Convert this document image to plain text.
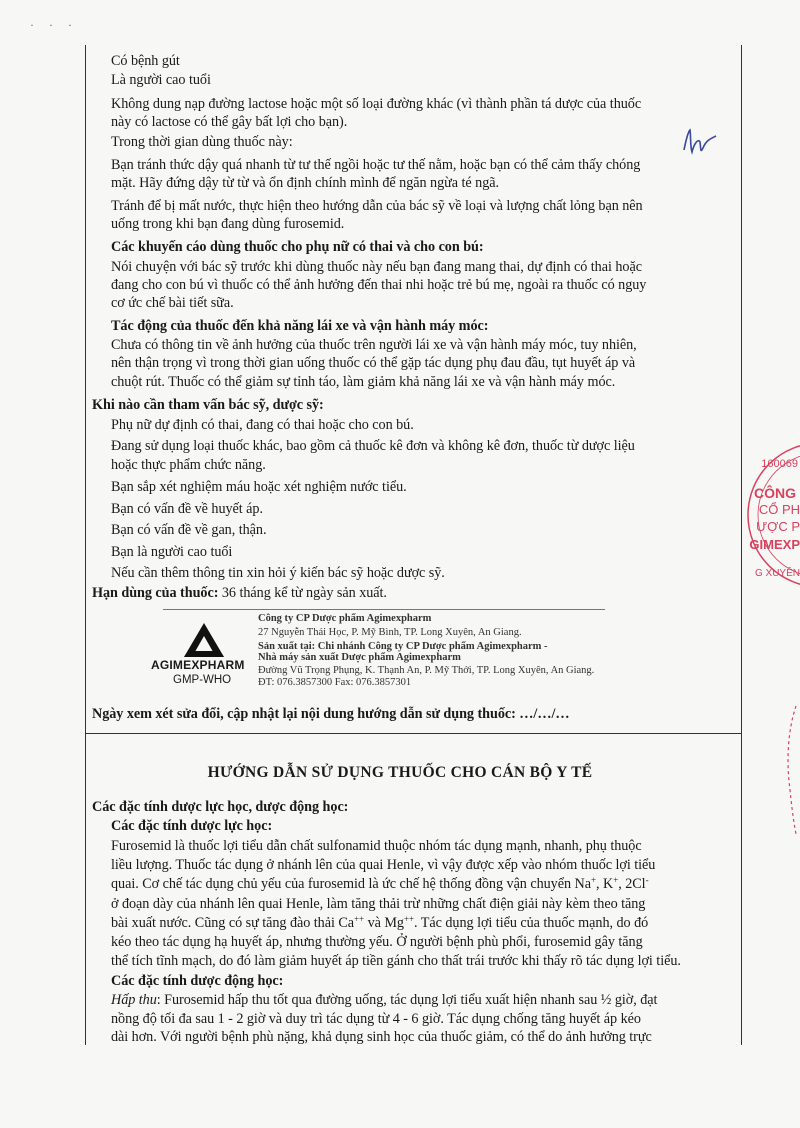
· · ·
Có bệnh gút
Là người cao tuổi
Không dung nạp đường lactose hoặc một số loại đường khác (vì thành phần tá dược của thuốc
này có lactose có thể gây bất lợi cho bạn).
Trong thời gian dùng thuốc này:
Bạn tránh thức dậy quá nhanh từ tư thế ngồi hoặc tư thế nằm, hoặc bạn có thể cảm thấy chóng
mặt. Hãy đứng dậy từ từ và ổn định chính mình để ngăn ngừa té ngã.
Tránh để bị mất nước, thực hiện theo hướng dẫn của bác sỹ về loại và lượng chất lỏng bạn nên
uống trong khi bạn đang dùng furosemid.
Các khuyến cáo dùng thuốc cho phụ nữ có thai và cho con bú:
Nói chuyện với bác sỹ trước khi dùng thuốc này nếu bạn đang mang thai, dự định có thai hoặc
đang cho con bú vì thuốc có thể ảnh hưởng đến thai nhi hoặc trẻ bú mẹ, ngoài ra thuốc có nguy
cơ ức chế bài tiết sữa.
Tác động của thuốc đến khả năng lái xe và vận hành máy móc:
Chưa có thông tin về ảnh hưởng của thuốc trên người lái xe và vận hành máy móc, tuy nhiên,
nên thận trọng vì trong thời gian uống thuốc có thể gặp tác dụng phụ đau đầu, tụt huyết áp và
chuột rút. Thuốc có thể giảm sự tỉnh táo, làm giảm khả năng lái xe và vận hành máy móc.
Khi nào cần tham vấn bác sỹ, dược sỹ:
Phụ nữ dự định có thai, đang có thai hoặc cho con bú.
Đang sử dụng loại thuốc khác, bao gồm cả thuốc kê đơn và không kê đơn, thuốc từ dược liệu
hoặc thực phẩm chức năng.
Bạn sắp xét nghiệm máu hoặc xét nghiệm nước tiểu.
Bạn có vấn đề về huyết áp.
Bạn có vấn đề về gan, thận.
Bạn là người cao tuổi
Nếu cần thêm thông tin xin hỏi ý kiến bác sỹ hoặc dược sỹ.
Hạn dùng của thuốc: 36 tháng kể từ ngày sản xuất.
AGIMEXPHARM
GMP-WHO
Công ty CP Dược phẩm Agimexpharm
27 Nguyễn Thái Học, P. Mỹ Bình, TP. Long Xuyên, An Giang.
Sản xuất tại: Chi nhánh Công ty CP Dược phẩm Agimexpharm -
Nhà máy sản xuất Dược phẩm Agimexpharm
Đường Vũ Trọng Phụng, K. Thạnh An, P. Mỹ Thới, TP. Long Xuyên, An Giang.
ĐT: 076.3857300 Fax: 076.3857301
Ngày xem xét sửa đổi, cập nhật lại nội dung hướng dẫn sử dụng thuốc: …/…/…
HƯỚNG DẪN SỬ DỤNG THUỐC CHO CÁN BỘ Y TẾ
Các đặc tính dược lực học, dược động học:
Các đặc tính dược lực học:
Furosemid là thuốc lợi tiểu dẫn chất sulfonamid thuộc nhóm tác dụng mạnh, nhanh, phụ thuộc
liều lượng. Thuốc tác dụng ở nhánh lên của quai Henle, vì vậy được xếp vào nhóm thuốc lợi tiểu
quai. Cơ chế tác dụng chủ yếu của furosemid là ức chế hệ thống đồng vận chuyển Na+, K+, 2Cl-
ở đoạn dày của nhánh lên quai Henle, làm tăng thải trừ những chất điện giải này kèm theo tăng
bài xuất nước. Cũng có sự tăng đào thải Ca++ và Mg++. Tác dụng lợi tiểu của thuốc mạnh, do đó
kéo theo tác dụng hạ huyết áp, nhưng thường yếu. Ở người bệnh phù phổi, furosemid gây tăng
thể tích tĩnh mạch, do đó làm giảm huyết áp tiền gánh cho thất trái trước khi thấy rõ tác dụng lợi tiểu.
Các đặc tính dược động học:
Hấp thu: Furosemid hấp thu tốt qua đường uống, tác dụng lợi tiểu xuất hiện nhanh sau ½ giờ, đạt
nồng độ tối đa sau 1 - 2 giờ và duy trì tác dụng từ 4 - 6 giờ. Tác dụng chống tăng huyết áp kéo
dài hơn. Với người bệnh phù nặng, khả dụng sinh học của thuốc giảm, có thể do ảnh hưởng trực
160069
CÔNG
CỔ PH
ƯỢC P
GIMEXP
G XUYÊN
